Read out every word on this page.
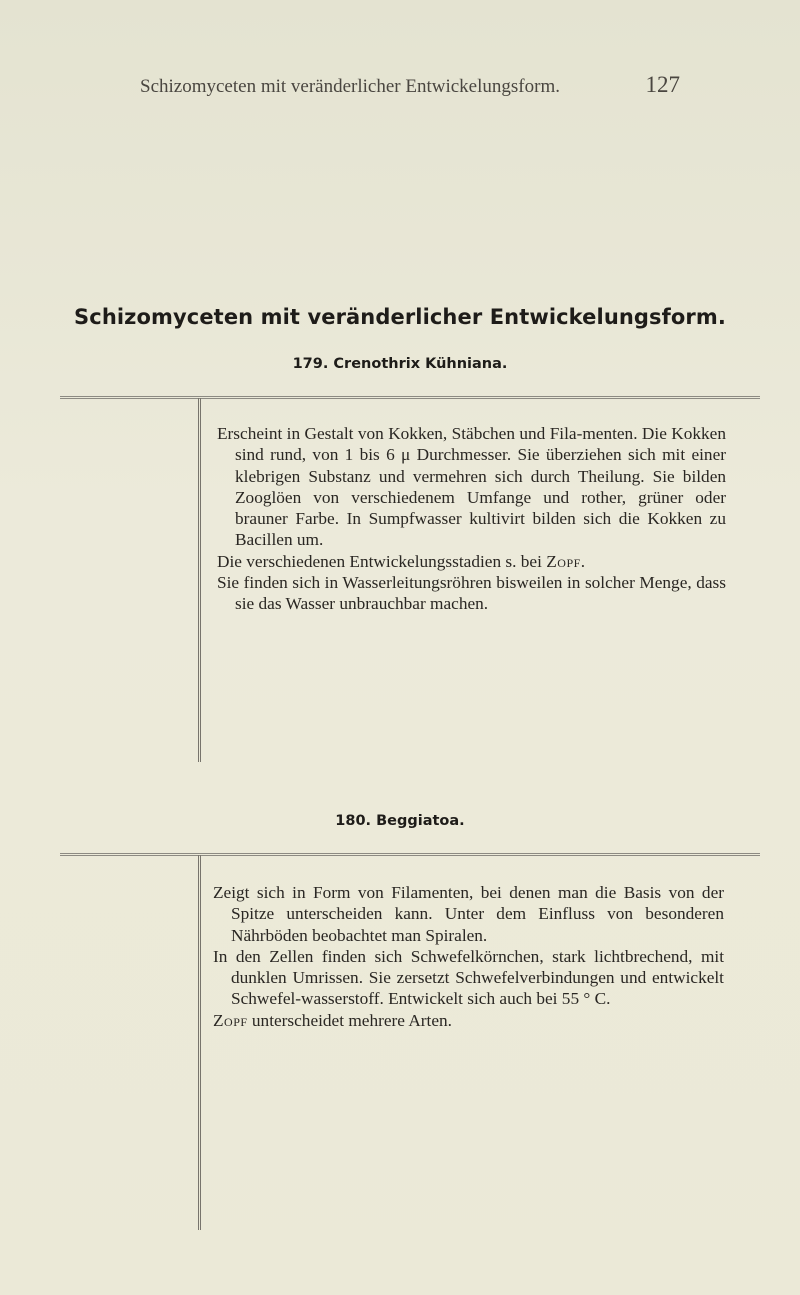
Schizomyceten mit veränderlicher Entwickelungsform.	127
Schizomyceten mit veränderlicher Entwickelungsform.
179. Crenothrix Kühniana.

Erscheint in Gestalt von Kokken, Stäbchen und Fila-menten. Die Kokken sind rund, von 1 bis 6 μ Durchmesser. Sie überziehen sich mit einer klebrigen Substanz und vermehren sich durch Theilung. Sie bilden Zooglöen von verschiedenem Umfange und rother, grüner oder brauner Farbe. In Sumpfwasser kultivirt bilden sich die Kokken zu Bacillen um.

Die verschiedenen Entwickelungsstadien s. bei Zopf.

Sie finden sich in Wasserleitungsröhren bisweilen in solcher Menge, dass sie das Wasser unbrauchbar machen.

180. Beggiatoa.

Zeigt sich in Form von Filamenten, bei denen man die Basis von der Spitze unterscheiden kann. Unter dem Einfluss von besonderen Nährböden beobachtet man Spiralen.

In den Zellen finden sich Schwefelkörnchen, stark lichtbrechend, mit dunklen Umrissen. Sie zersetzt Schwefelverbindungen und entwickelt Schwefel-wasserstoff. Entwickelt sich auch bei 55 ° C.

Zopf unterscheidet mehrere Arten.
